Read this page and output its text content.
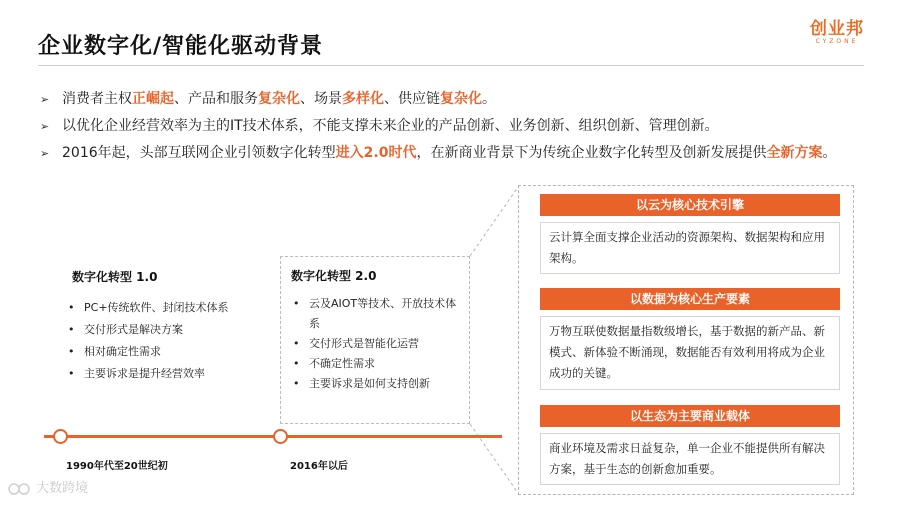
企业数字化/智能化驱动背景
创业邦
CYZONE
➢ 消费者主权正崛起、产品和服务复杂化、场景多样化、供应链复杂化。
➢ 以优化企业经营效率为主的IT技术体系，不能支撑未来企业的产品创新、业务创新、组织创新、管理创新。
➢ 2016年起，头部互联网企业引领数字化转型进入2.0时代，在新商业背景下为传统企业数字化转型及创新发展提供全新方案。
数字化转型 1.0
• PC+传统软件、封闭技术体系
• 交付形式是解决方案
• 相对确定性需求
• 主要诉求是提升经营效率
数字化转型 2.0
• 云及AIOT等技术、开放技术体系
• 交付形式是智能化运营
• 不确定性需求
• 主要诉求是如何支持创新
1990年代至20世纪初	2016年以后
以云为核心技术引擎
云计算全面支撑企业活动的资源架构、数据架构和应用架构。
以数据为核心生产要素
万物互联使数据量指数级增长，基于数据的新产品、新模式、新体验不断涌现，数据能否有效利用将成为企业成功的关键。
以生态为主要商业载体
商业环境及需求日益复杂，单一企业不能提供所有解决方案，基于生态的创新愈加重要。
大数跨境
